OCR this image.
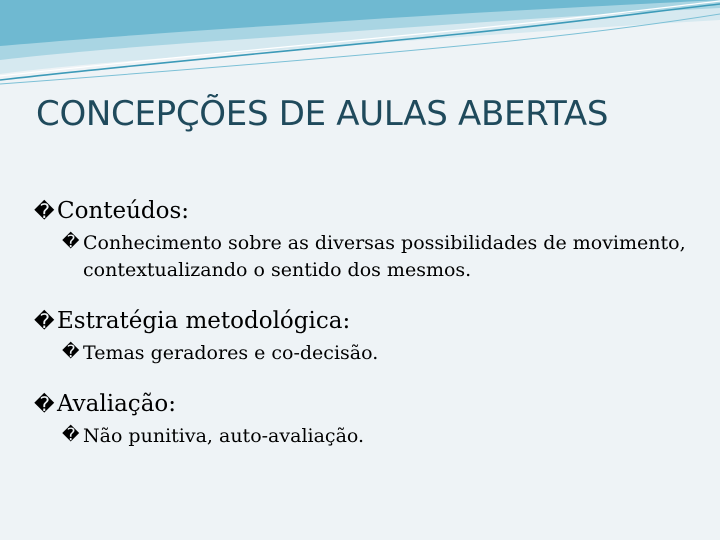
CONCEPÇÕES DE AULAS ABERTAS
� Conteúdos:
� Conhecimento sobre as diversas possibilidades de movimento, contextualizando o sentido dos mesmos.
� Estratégia metodológica:
� Temas geradores e co-decisão.
� Avaliação:
� Não punitiva, auto-avaliação.
